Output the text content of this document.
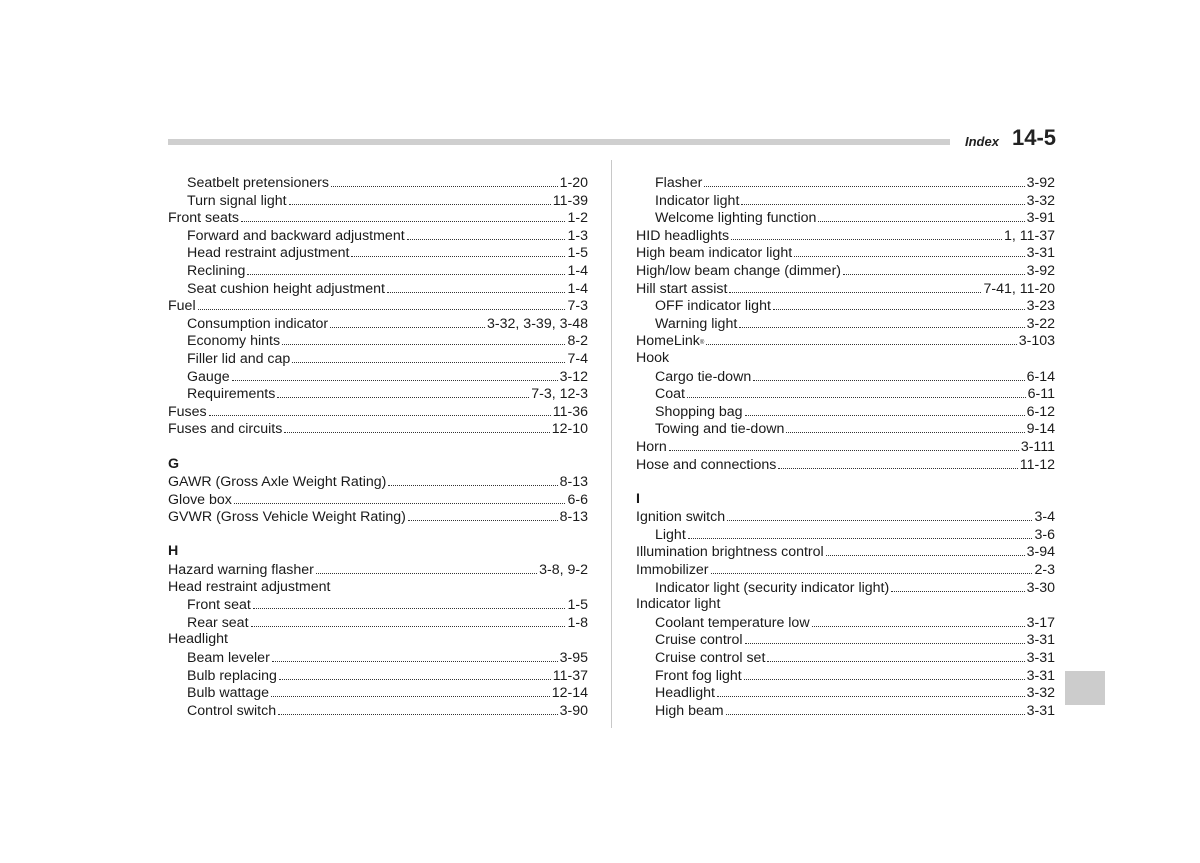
Index 14-5
Seatbelt pretensioners	1-20
Turn signal light	11-39
Front seats	1-2
Forward and backward adjustment	1-3
Head restraint adjustment	1-5
Reclining	1-4
Seat cushion height adjustment	1-4
Fuel	7-3
Consumption indicator	3-32, 3-39, 3-48
Economy hints	8-2
Filler lid and cap	7-4
Gauge	3-12
Requirements	7-3, 12-3
Fuses	11-36
Fuses and circuits	12-10
G
GAWR (Gross Axle Weight Rating)	8-13
Glove box	6-6
GVWR (Gross Vehicle Weight Rating)	8-13
H
Hazard warning flasher	3-8, 9-2
Head restraint adjustment
Front seat	1-5
Rear seat	1-8
Headlight
Beam leveler	3-95
Bulb replacing	11-37
Bulb wattage	12-14
Control switch	3-90
Flasher	3-92
Indicator light	3-32
Welcome lighting function	3-91
HID headlights	1, 11-37
High beam indicator light	3-31
High/low beam change (dimmer)	3-92
Hill start assist	7-41, 11-20
OFF indicator light	3-23
Warning light	3-22
HomeLink®	3-103
Hook
Cargo tie-down	6-14
Coat	6-11
Shopping bag	6-12
Towing and tie-down	9-14
Horn	3-111
Hose and connections	11-12
I
Ignition switch	3-4
Light	3-6
Illumination brightness control	3-94
Immobilizer	2-3
Indicator light (security indicator light)	3-30
Indicator light
Coolant temperature low	3-17
Cruise control	3-31
Cruise control set	3-31
Front fog light	3-31
Headlight	3-32
High beam	3-31
